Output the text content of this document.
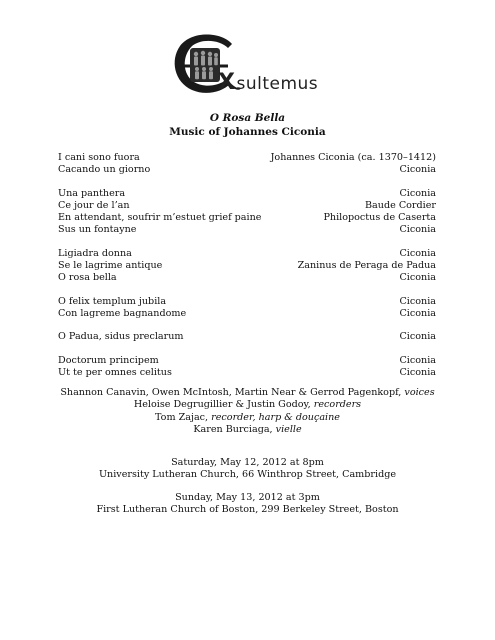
Xsultemus
O Rosa Bella
Music of Johannes Ciconia
I cani sono fuora	Johannes Ciconia (ca. 1370–1412)
Cacando un giorno	Ciconia
Una panthera	Ciconia
Ce jour de l’an	Baude Cordier
En attendant, soufrir m’estuet grief paine	Philopoctus de Caserta
Sus un fontayne	Ciconia
Ligiadra donna	Ciconia
Se le lagrime antique	Zaninus de Peraga de Padua
O rosa bella	Ciconia
O felix templum jubila	Ciconia
Con lagreme bagnandome	Ciconia
O Padua, sidus preclarum	Ciconia
Doctorum principem	Ciconia
Ut te per omnes celitus	Ciconia
Shannon Canavin, Owen McIntosh, Martin Near & Gerrod Pagenkopf, voices
Heloise Degrugillier & Justin Godoy, recorders
Tom Zajac, recorder, harp & douçaine
Karen Burciaga, vielle
Saturday, May 12, 2012 at 8pm
University Lutheran Church, 66 Winthrop Street, Cambridge
Sunday, May 13, 2012 at 3pm
First Lutheran Church of Boston, 299 Berkeley Street, Boston
